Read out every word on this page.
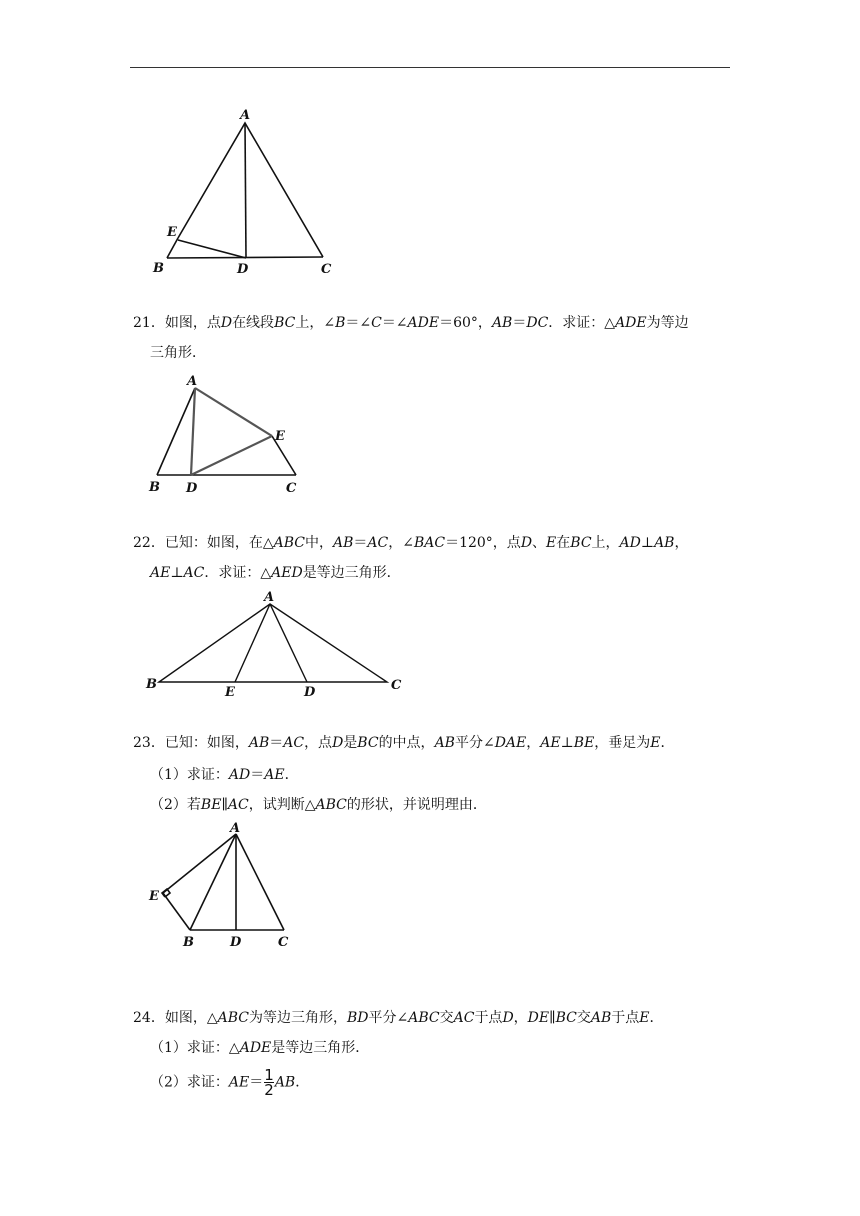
A
E
B	D	C

21．如图，点D在线段BC上，∠B＝∠C＝∠ADE＝60°，AB＝DC．求证：△ADE为等边

三角形．

A
E
B D	C

22．已知：如图，在△ABC中，AB＝AC，∠BAC＝120°，点D、E在BC上，AD⊥AB，

AE⊥AC．求证：△AED是等边三角形．

A
B
E	D	C

23．已知：如图，AB＝AC，点D是BC的中点，AB平分∠DAE，AE⊥BE，垂足为E．

（1）求证：AD＝AE．
（2）若BE∥AC，试判断△ABC的形状，并说明理由．
A
E
B	D	C

24．如图，△ABC为等边三角形，BD平分∠ABC交AC于点D，DE∥BC交AB于点E．

（1）求证：△ADE是等边三角形．
（2）求证：$AE= \frac{1}{2}$ AB．
